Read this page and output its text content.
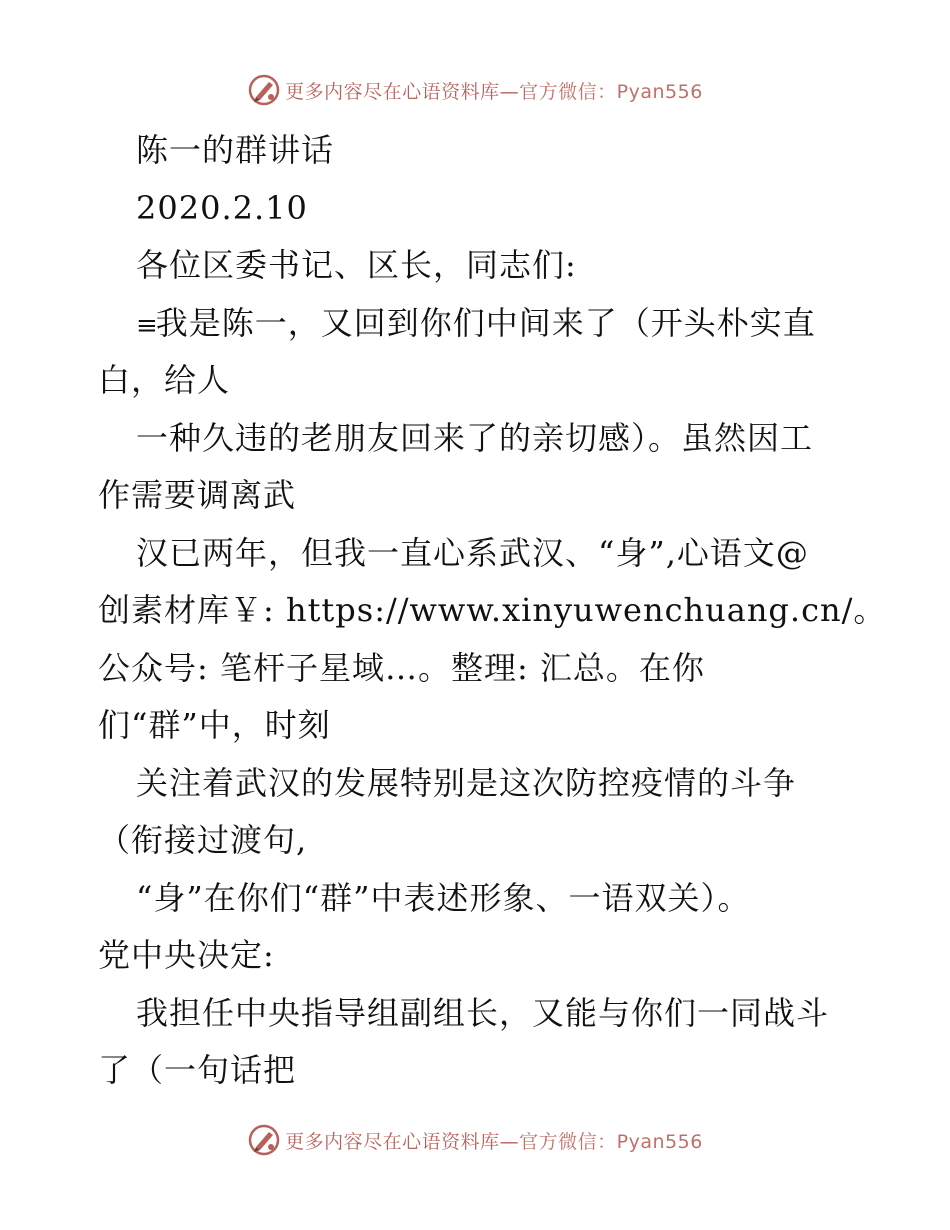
更多内容尽在心语资料库—官方微信：Pyan556
陈一的群讲话
2020.2.10
各位区委书记、区长，同志们:
≡我是陈一，又回到你们中间来了（开头朴实直
白，给人
一种久违的老朋友回来了的亲切感）。虽然因工
作需要调离武
汉已两年，但我一直心系武汉、“身”,心语文@
创素材库￥: https://www.xinyuwenchuang.cn/。
公众号: 笔杆子星域…。整理: 汇总。在你
们“群”中，时刻
关注着武汉的发展特别是这次防控疫情的斗争
（衔接过渡句,
“身”在你们“群”中表述形象、一语双关）。
党中央决定:
我担任中央指导组副组长，又能与你们一同战斗
了（一句话把
更多内容尽在心语资料库—官方微信：Pyan556
